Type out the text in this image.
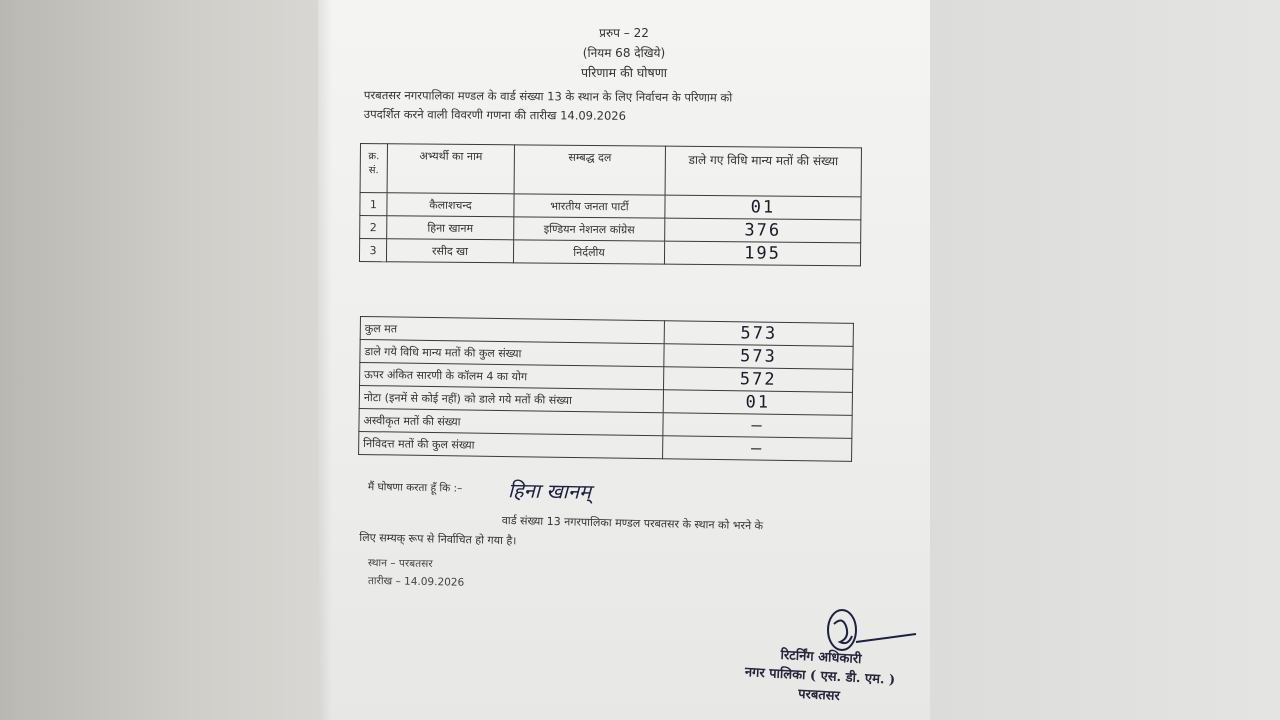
प्ररुप – 22
(नियम 68 देखिये)
परिणाम की घोषणा
परबतसर नगरपालिका मण्डल के वार्ड संख्या 13 के स्थान के लिए निर्वाचन के परिणाम को
उपदर्शित करने वाली विवरणी गणना की तारीख 14.09.2026
क्र. सं.	अभ्यर्थी का नाम	सम्बद्ध दल	डाले गए विधि मान्य मतों की संख्या
1	कैलाशचन्द	भारतीय जनता पार्टी	01
2	हिना खानम	इण्डियन नेशनल कांग्रेस	376
3	रसीद खा	निर्दलीय	195
कुल मत	573
डाले गये विधि मान्य मतों की कुल संख्या	573
ऊपर अंकित सारणी के कॉलम 4 का योग	572
नोटा (इनमें से कोई नहीं) को डाले गये मतों की संख्या	01
अस्वीकृत मतों की संख्या	–
निविदत्त मतों की कुल संख्या	–
मैं घोषणा करता हूँ कि :– हिना खानम्
वार्ड संख्या 13 नगरपालिका मण्डल परबतसर के स्थान को भरने के
लिए सम्यक् रूप से निर्वाचित हो गया है।
स्थान – परबतसर
तारीख – 14.09.2026
रिटर्निंग अधिकारी
नगर पालिका ( एस. डी. एम. )
परबतसर
